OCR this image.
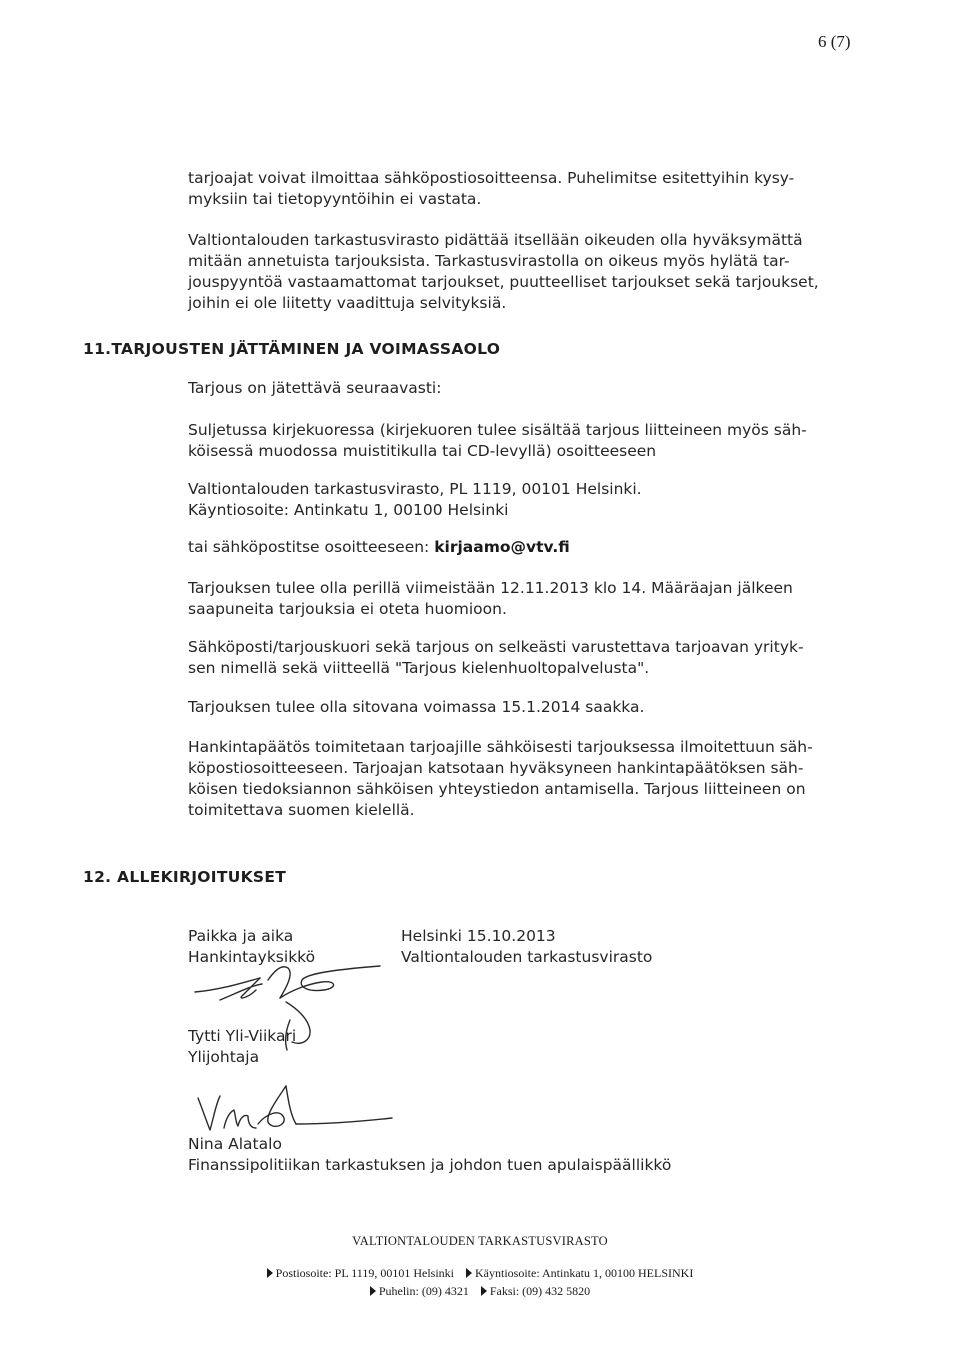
6 (7)

tarjoajat voivat ilmoittaa sähköpostiosoitteensa. Puhelimitse esitettyihin kysy-

myksiin tai tietopyyntöihin ei vastata.

Valtiontalouden tarkastusvirasto pidättää itsellään oikeuden olla hyväksymättä

mitään annetuista tarjouksista. Tarkastusvirastolla on oikeus myös hylätä tar-

jouspyyntöä vastaamattomat tarjoukset, puutteelliset tarjoukset sekä tarjoukset,

joihin ei ole liitetty vaadittuja selvityksiä.

11.TARJOUSTEN JÄTTÄMINEN JA VOIMASSAOLO

Tarjous on jätettävä seuraavasti:

Suljetussa kirjekuoressa (kirjekuoren tulee sisältää tarjous liitteineen myös säh-

köisessä muodossa muistitikulla tai CD-levyllä) osoitteeseen

Valtiontalouden tarkastusvirasto, PL 1119, 00101 Helsinki.

Käyntiosoite: Antinkatu 1, 00100 Helsinki

tai sähköpostitse osoitteeseen: kirjaamo@vtv.fi

Tarjouksen tulee olla perillä viimeistään 12.11.2013 klo 14. Määräajan jälkeen

saapuneita tarjouksia ei oteta huomioon.

Sähköposti/tarjouskuori sekä tarjous on selkeästi varustettava tarjoavan yrityk-

sen nimellä sekä viitteellä "Tarjous kielenhuoltopalvelusta".

Tarjouksen tulee olla sitovana voimassa 15.1.2014 saakka.

Hankintapäätös toimitetaan tarjoajille sähköisesti tarjouksessa ilmoitettuun säh-

köpostiosoitteeseen. Tarjoajan katsotaan hyväksyneen hankintapäätöksen säh-

köisen tiedoksiannon sähköisen yhteystiedon antamisella. Tarjous liitteineen on

toimitettava suomen kielellä.

12. ALLEKIRJOITUKSET
Paikka ja aika
Hankintayksikkö
Helsinki 15.10.2013
Valtiontalouden tarkastusvirasto
Tytti Yli-Viikari
Ylijohtaja
Nina Alatalo
Finanssipolitiikan tarkastuksen ja johdon tuen apulaispäällikkö
VALTIONTALOUDEN TARKASTUSVIRASTO
Postiosoite: PL 1119, 00101 Helsinki Käyntiosoite: Antinkatu 1, 00100 HELSINKI
Puhelin: (09) 4321 Faksi: (09) 432 5820
